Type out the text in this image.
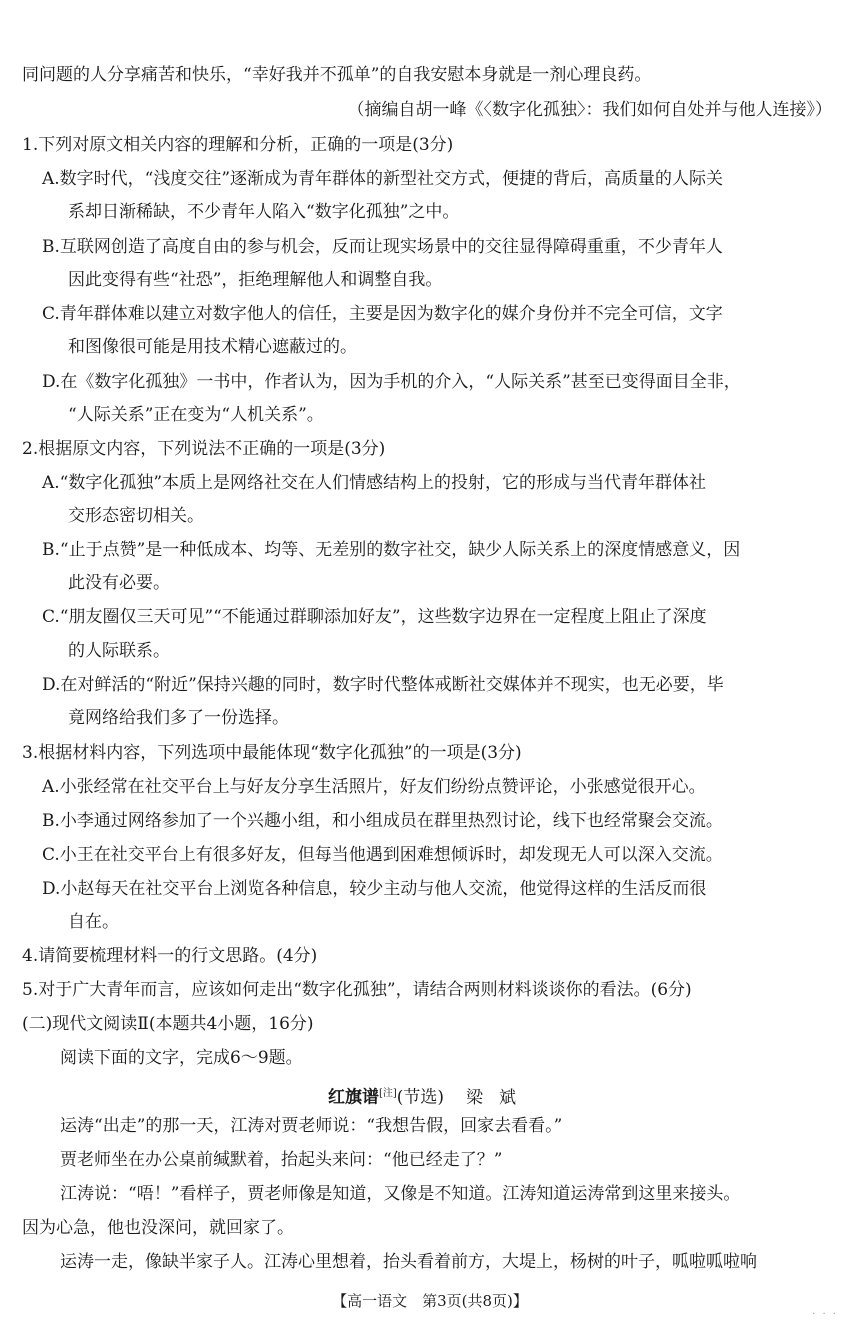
同问题的人分享痛苦和快乐，“幸好我并不孤单”的自我安慰本身就是一剂心理良药。
（摘编自胡一峰《〈数字化孤独〉：我们如何自处并与他人连接》）
1.下列对原文相关内容的理解和分析，正确的一项是(3分)
A.数字时代，“浅度交往”逐渐成为青年群体的新型社交方式，便捷的背后，高质量的人际关
系却日渐稀缺，不少青年人陷入“数字化孤独”之中。
B.互联网创造了高度自由的参与机会，反而让现实场景中的交往显得障碍重重，不少青年人
因此变得有些“社恐”，拒绝理解他人和调整自我。
C.青年群体难以建立对数字他人的信任，主要是因为数字化的媒介身份并不完全可信，文字
和图像很可能是用技术精心遮蔽过的。
D.在《数字化孤独》一书中，作者认为，因为手机的介入，“人际关系”甚至已变得面目全非，
“人际关系”正在变为“人机关系”。
2.根据原文内容，下列说法不正确的一项是(3分)
A.“数字化孤独”本质上是网络社交在人们情感结构上的投射，它的形成与当代青年群体社
交形态密切相关。
B.“止于点赞”是一种低成本、均等、无差别的数字社交，缺少人际关系上的深度情感意义，因
此没有必要。
C.“朋友圈仅三天可见”“不能通过群聊添加好友”，这些数字边界在一定程度上阻止了深度
的人际联系。
D.在对鲜活的“附近”保持兴趣的同时，数字时代整体戒断社交媒体并不现实，也无必要，毕
竟网络给我们多了一份选择。
3.根据材料内容，下列选项中最能体现“数字化孤独”的一项是(3分)
A.小张经常在社交平台上与好友分享生活照片，好友们纷纷点赞评论，小张感觉很开心。
B.小李通过网络参加了一个兴趣小组，和小组成员在群里热烈讨论，线下也经常聚会交流。
C.小王在社交平台上有很多好友，但每当他遇到困难想倾诉时，却发现无人可以深入交流。
D.小赵每天在社交平台上浏览各种信息，较少主动与他人交流，他觉得这样的生活反而很
自在。
4.请简要梳理材料一的行文思路。(4分)
5.对于广大青年而言，应该如何走出“数字化孤独”，请结合两则材料谈谈你的看法。(6分)
(二)现代文阅读Ⅱ(本题共4小题，16分)
阅读下面的文字，完成6～9题。
红旗谱[注](节选) 梁斌
运涛“出走”的那一天，江涛对贾老师说：“我想告假，回家去看看。”
贾老师坐在办公桌前缄默着，抬起头来问：“他已经走了？”
江涛说：“唔！”看样子，贾老师像是知道，又像是不知道。江涛知道运涛常到这里来接头。
因为心急，他也没深问，就回家了。
运涛一走，像缺半家子人。江涛心里想着，抬头看着前方，大堤上，杨树的叶子，呱啦呱啦响
【高一语文　第3页(共8页)】
· · ·
